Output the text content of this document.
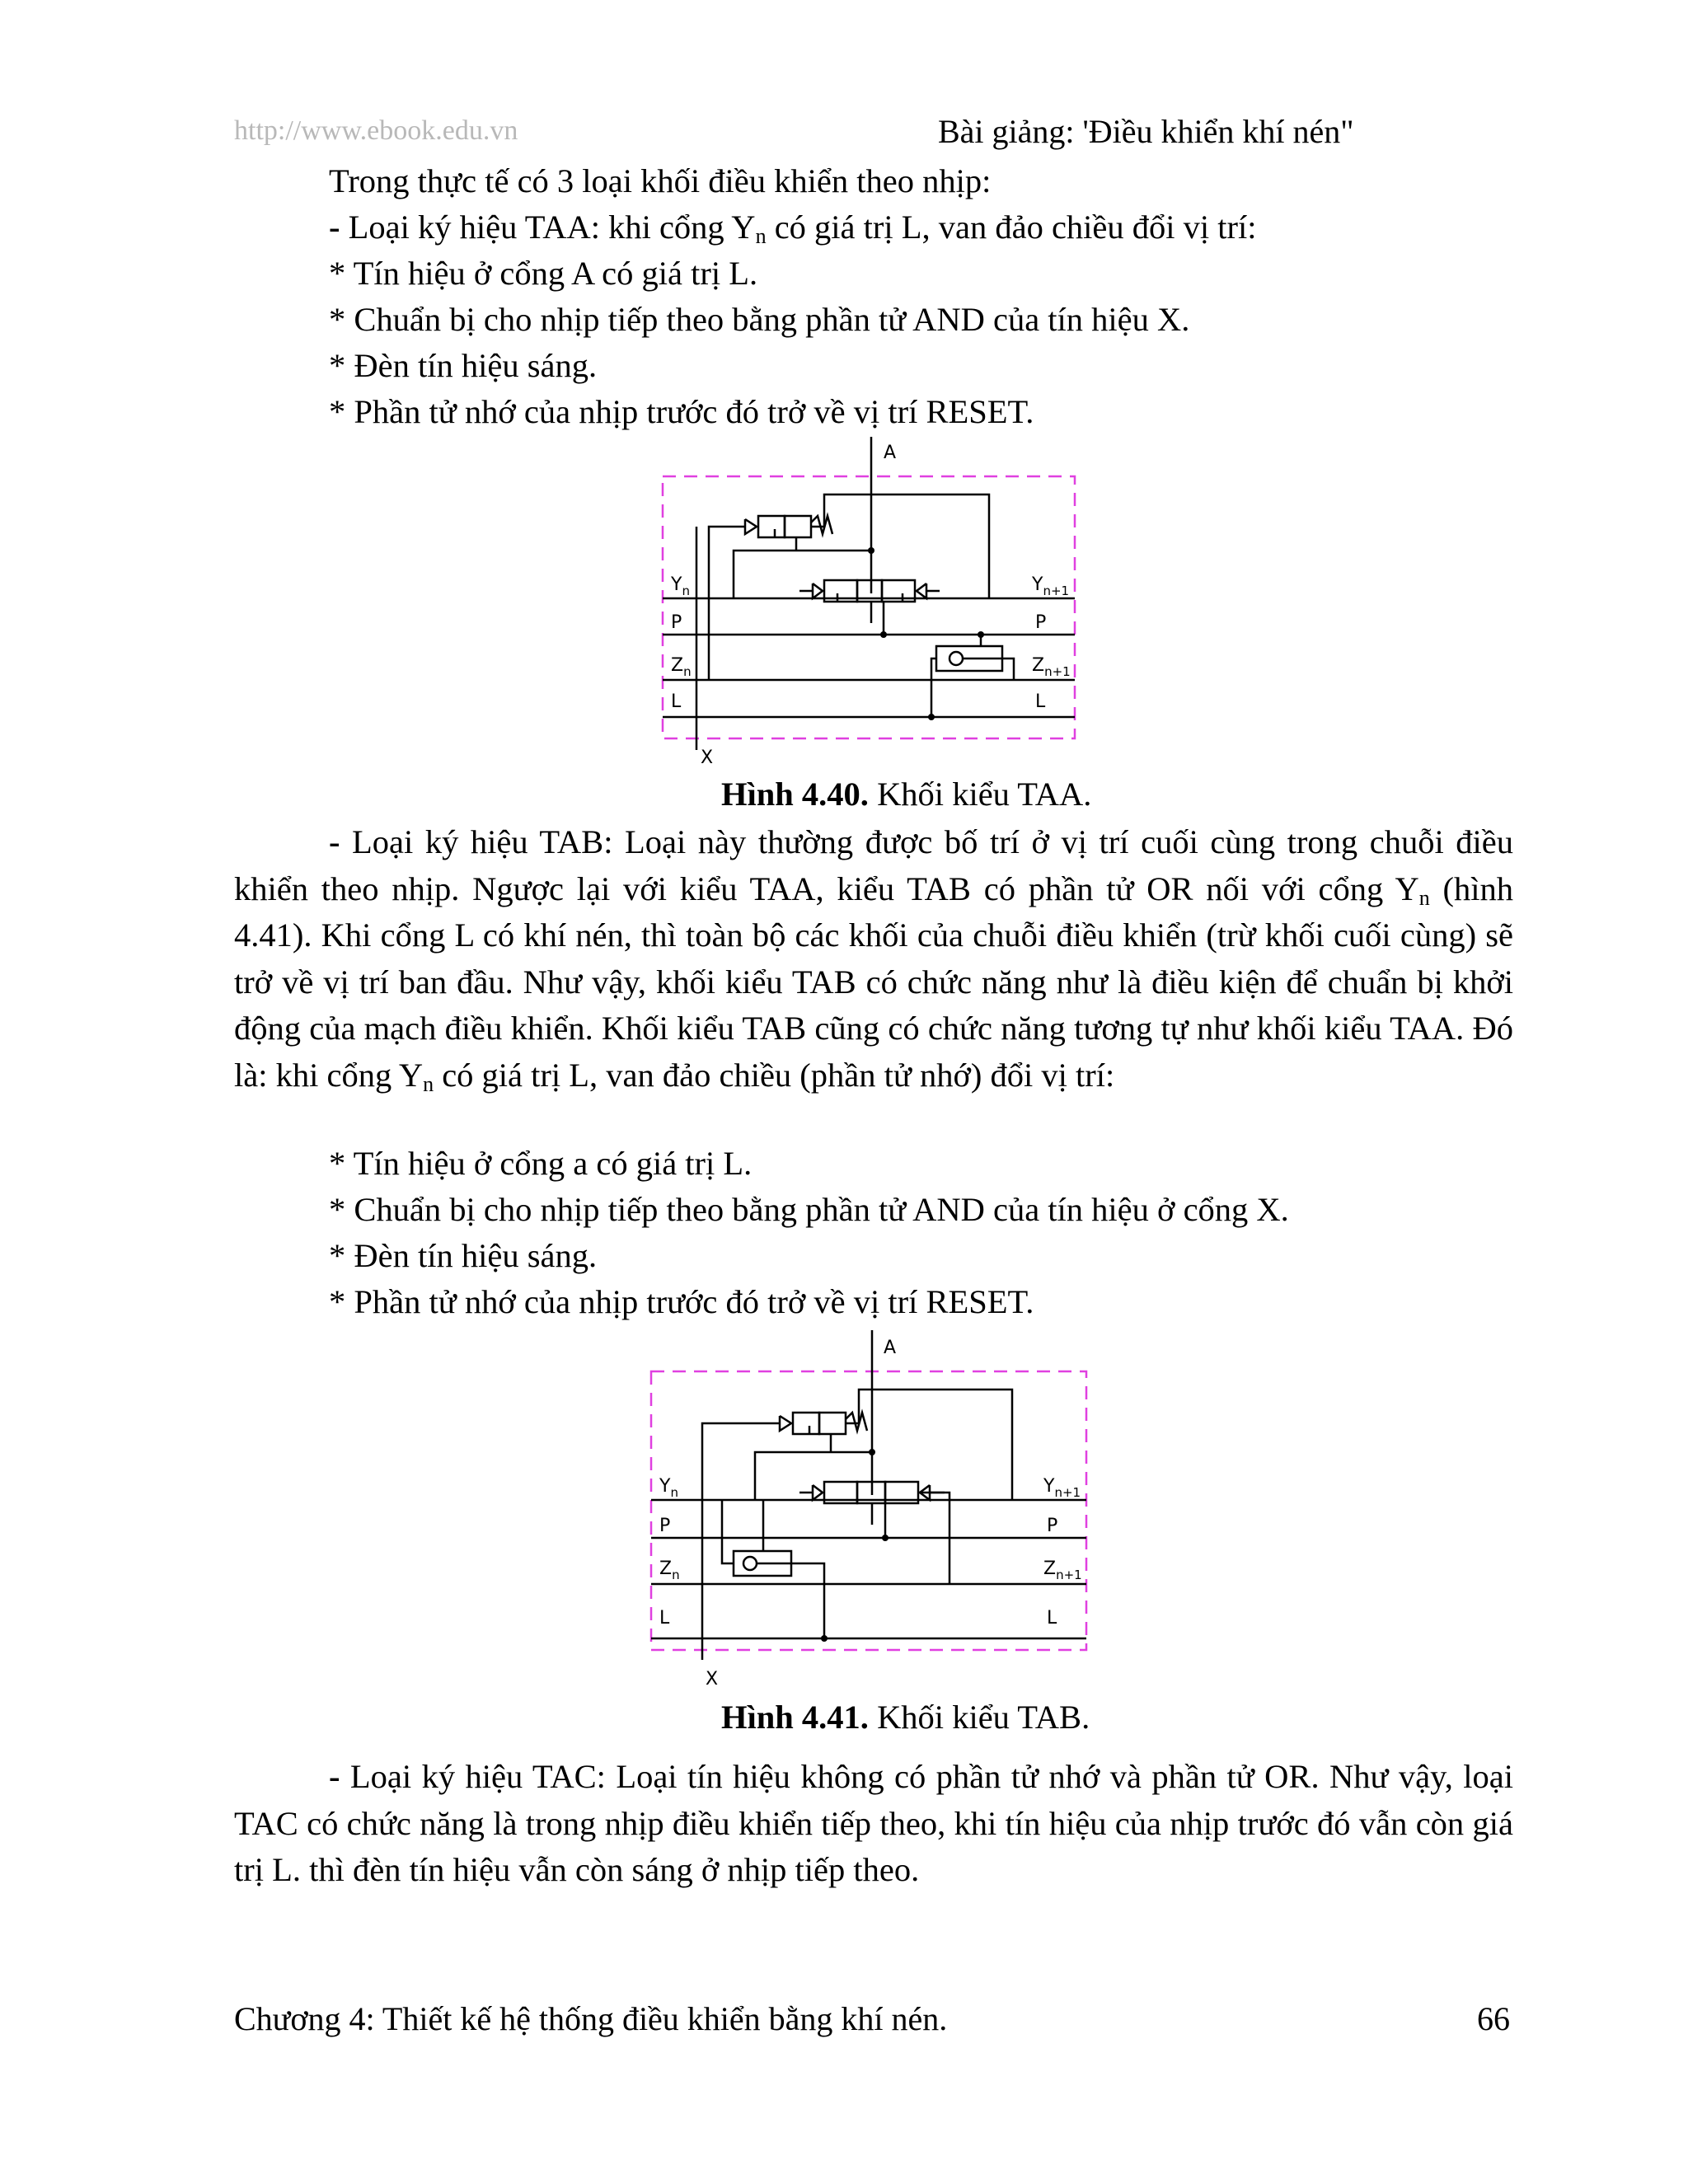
http://www.ebook.edu.vn	Bài giảng: 'Điều khiển khí nén"
Trong thực tế có 3 loại khối điều khiển theo nhịp:
- Loại ký hiệu TAA: khi cổng $Y_n$ có giá trị L, van đảo chiều đổi vị trí:
* Tín hiệu ở cổng A có giá trị L.
* Chuẩn bị cho nhịp tiếp theo bằng phần tử AND của tín hiệu X.
* Đèn tín hiệu sáng.
* Phần tử nhớ của nhịp trước đó trở về vị trí RESET.
A
$Y_n$	$Y_{n+1}$
P	P
$Z_n$	$Z_{n+1}$
L	L
X
Hình 4.40. Khối kiểu TAA.
- Loại ký hiệu TAB: Loại này thường được bố trí ở vị trí cuối cùng trong chuỗi điều khiển theo nhịp. Ngược lại với kiểu TAA, kiểu TAB có phần tử OR nối với cổng $Y_n$ (hình 4.41). Khi cổng L có khí nén, thì toàn bộ các khối của chuỗi điều khiển (trừ khối cuối cùng) sẽ trở về vị trí ban đầu. Như vậy, khối kiểu TAB có chức năng như là điều kiện để chuẩn bị khởi động của mạch điều khiển. Khối kiểu TAB cũng có chức năng tương tự như khối kiểu TAA. Đó là: khi cổng $Y_n$ có giá trị L, van đảo chiều (phần tử nhớ) đổi vị trí:
* Tín hiệu ở cổng a có giá trị L.
* Chuẩn bị cho nhịp tiếp theo bằng phần tử AND của tín hiệu ở cổng X.
* Đèn tín hiệu sáng.
* Phần tử nhớ của nhịp trước đó trở về vị trí RESET.
A
$Y_n$	$Y_{n+1}$
P	P
$Z_n$	$Z_{n+1}$
L	L
X
Hình 4.41. Khối kiểu TAB.
- Loại ký hiệu TAC: Loại tín hiệu không có phần tử nhớ và phần tử OR. Như vậy, loại TAC có chức năng là trong nhịp điều khiển tiếp theo, khi tín hiệu của nhịp trước đó vẫn còn giá trị L. thì đèn tín hiệu vẫn còn sáng ở nhịp tiếp theo.
Chương 4: Thiết kế hệ thống điều khiển bằng khí nén.	66
